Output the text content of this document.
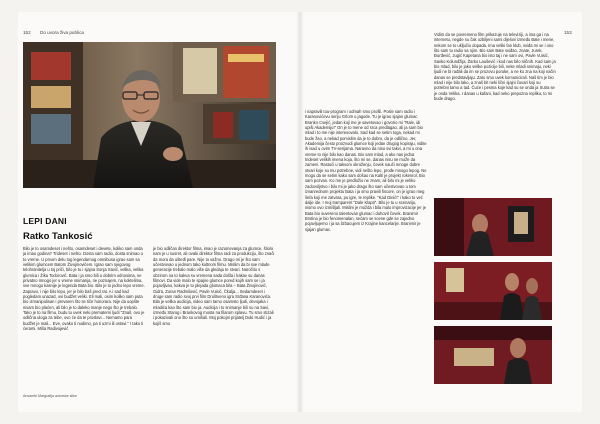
152 Do uvora živa publica
LEPI DANI
Ratko Tankosić
Bilo je to osamdeset i nešto, osamdeset i devete, koliko sam onda ja imao godina? Trideset i nešto. Dosta sam radio, dosta snimao u to vreme. U prvom delu tog legendarnog omnibusa igrao sam sa velikim glumcem Batom Živojinovićem. Igrao sam njegovog telohranitelja u toj priči, bilo je tu i sjajna Sonja Savić, velika, velika glumica i Žika Todorović. Bata i ja smo bili u dobrim odnosima, ne privatno mnogo jer u vreme snimanja, ne poznajem, na koktelima, sve mnogo kasnije je legenda Bata bio. Bilo je to jedno lepo vreme. Zapravo, i nije bilo lepo, jer je bilo baš pred rat. A i sad kad pogledam unazad, ovi budžet veliki. Eli mali, osim koliko sam puta bio izmanipulisan i prevaren što se tiče honorara. Nije da uopšte nisam bio plaćen, ali bilo je to daleko manje nego što je trebalo. Tako je to na filmu, budu tu uvek neki prematerni ljudi "Znaš, ovo je odlična uloga za tebe, ovo će da te proslavi... Nemamo para budžet je mali... Eve, ovako ti nudimo, pa ti uzmi ili ostavi." I tako ti ćerami. Miša Radivojević
je bio odličan direktor filma, imao je razumevanja za glumce, štiolo nam je u susret, ali ovaki direktor filma radi za produkciju, što znači da mora da ušteđi pare. Nije to važno. Drago mi je što sam učestvovao u jednom tako kultnom filmu. Mislim da bi sve mlade generacije trebalo malo više da gledaju te stvari. Naročito s obzirom na to kakva su vremena sada došla i kakav su danas filmovi. Da vide malo te spajne glumce pored kojih sam se i ja pojavljivao, kakva je to plejada glumaca bila – Bata Živojinović, Gidra, Zoran Radmilović, Pavle Vuisić, Čkalja... Sedamdeset i druge sam radio svoj prvi film Društveno igra Srđana Karanovića. Bila je velika audicija, video sam tamo osamsto ljudi, devojaka i mladića kao što sam bio ja. Audicija i to snimanje bili su na Savi, između Starog i Brankovog mosta na filarom splavu. Tu smo stizali i pokazivali ono što su umišali. Moj pokojni prijatelj Duki Hudić i ja kojiš smo
Ansambl Margrafija autorske slike
153
i napravili tou-program i odmah smo prošli. Posle sam radio i Karanovićevu seriju Grlom u jagode. Tu je igrao sjajan glumac Branko Cvejić, jedan koji me je savetovao i govorio mi "Rale, idi upiši Akademiju!" On je to mene od srca predlagao, ali ja sam bio mlad i to me nije interesovalo. Sad kad se setim toga, nekad mi bude žao, a nekad pomislim da je to dobro, da je odlično. Jer, Akademija često proizvodi glumce koji jedan drugog kopiraju, vidite ih isad u ovim TV-serijama. Naravno da nisu svi takvi, a mi u ona vreme to nije bilo kao danas. Bio sam mlad, a ako nas jedna trideset velikih imena koja, što mi se, danas nisu ne može da zameni. Rastući u takvom okruženju, čovek nauči mnoge dobre stvari koje su mu potrebne, vidi nešto lepo, prođe mnogo lepog. Ne mogu da se setim kako sam došao na Kalti je projekt rokenrol. Bio sam pozvan. Ko me je predložio ne znam, ali bilo mi je veliko zadovoljstvo i bilo mi je jako drago što sam učestvovao u tom izvanrednom projektu Bata i ja smo pravili fiscore, on je igrao meg šefa koji me zatvara, pu igre, te replike. "Kad Dinić!" i kako to već dalje ide. I moj tramparent "Dale Klapti". Bilo je tu u scenariju, nismo ovo izmišljali. Mislim je možda i bila malo improvizacije jer je Bata bio suvereno talentovan glumac i duhovit čovek. Branimir Brstina je bio fenomenalan, sećam se scene gde se zajedno pojavljujemo i ja sa lizbacujem iz Krajine kancelarije. Branimir je sjajan glumac.
Vidim da se povremeno film prikazuje na televiziji, a ima ga i na internetu, negde su čak ozbiljeni sami dijelovi između Bate i mene, nekom se to uključio dopada. Ima veliki fan klub, sviđa mi se i ono što sam tu radio sa njim. Bio sam Bate sviđao, znate, Jurek, Đurđević, Jugić Kapetana bio isto taj i ne sam ovi, Pavle Vuisić, Savko Kolundžija, Žarko Laušević i kod nas bilo sličnih. Kad sam ja bio mlad, bilo je jako velike pozicije bili, neke mladi snimaju, neki ljudi ne bi rađali da im se prozovu poruke, a ne ko zna na koji način danas se predstavljaju. Zato smo uvek komunicirali. Naš tim je bio mlad i nije bilo lako, a znaš bit neki lični sjajni čuvari koji su potrebni tamo a tad. Čuće i pesma koje kad su se onda ja Sutra se je onda Velika. I danas u kafani, kad neko prepozna repliku, to mi bude drago.
